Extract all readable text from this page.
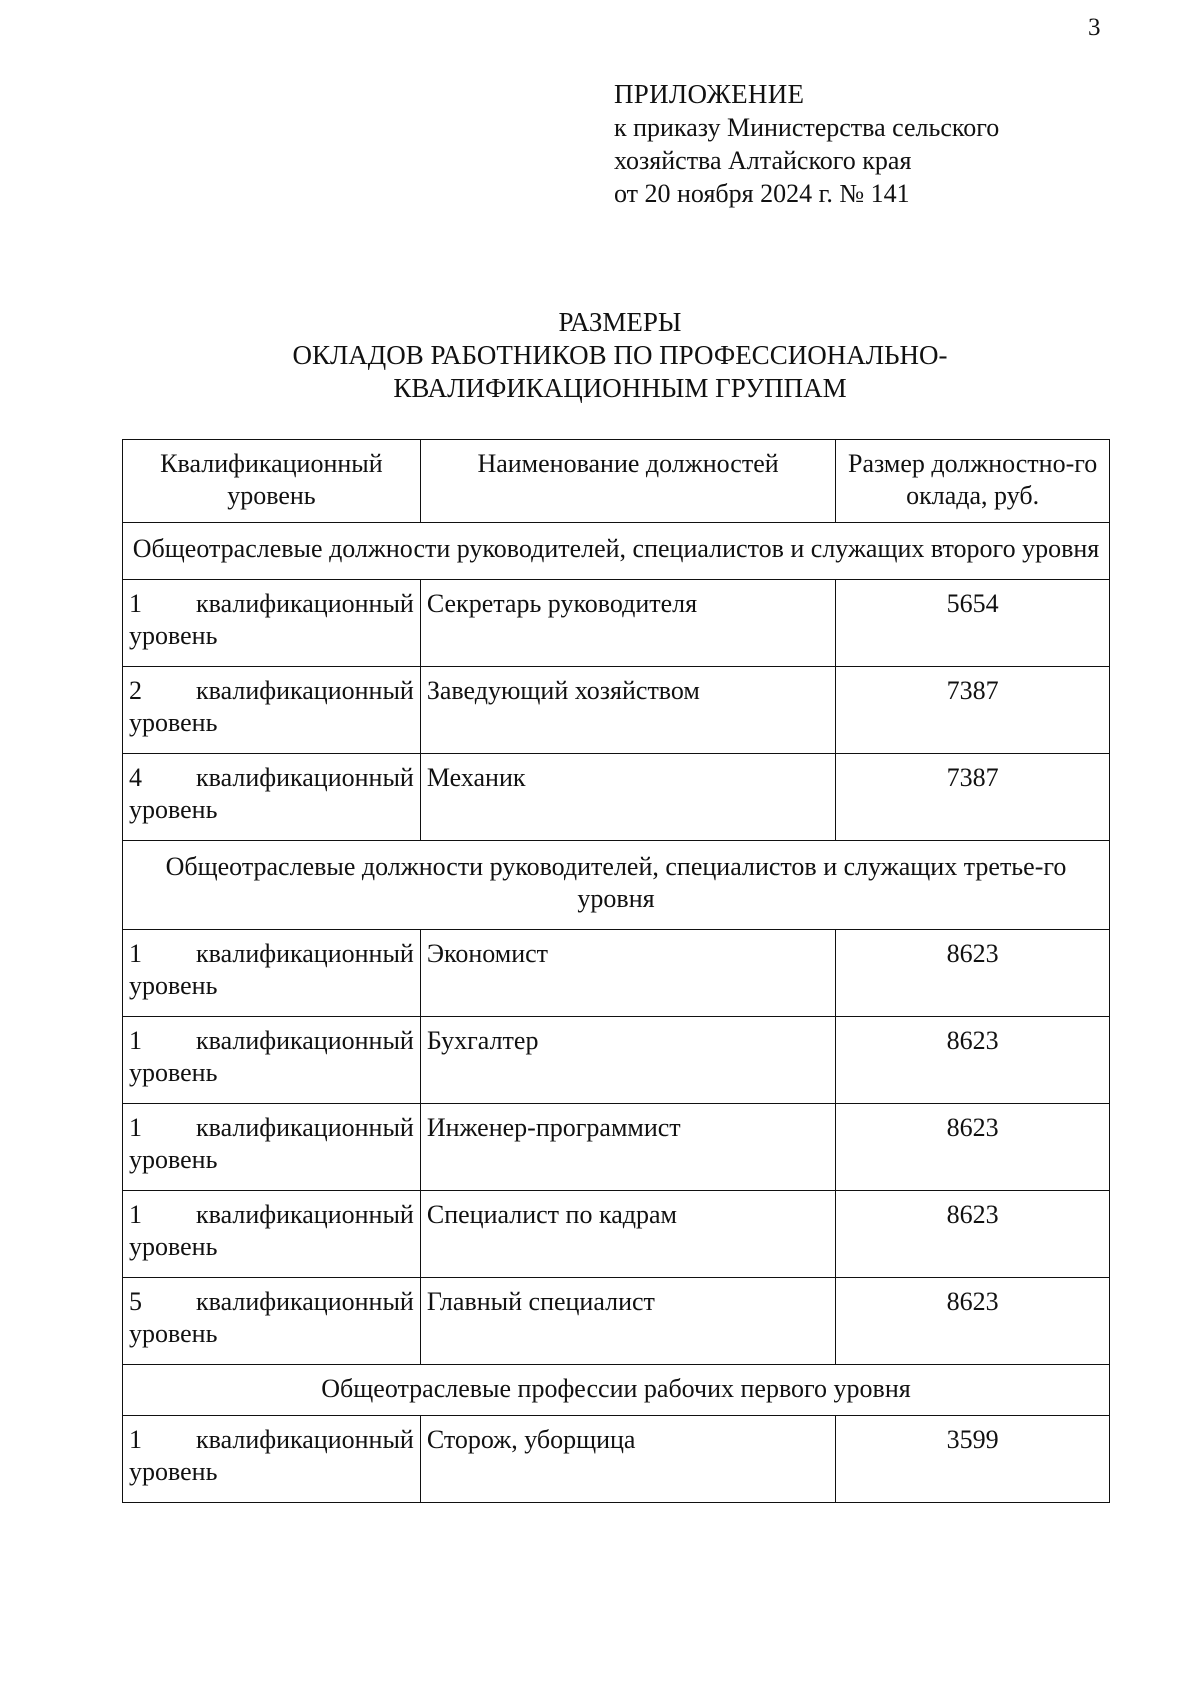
3
ПРИЛОЖЕНИЕ
к приказу Министерства сельского
хозяйства Алтайского края
от 20 ноября 2024 г. № 141
РАЗМЕРЫ
ОКЛАДОВ РАБОТНИКОВ ПО ПРОФЕССИОНАЛЬНО-
КВАЛИФИКАЦИОННЫМ ГРУППАМ
Квалификационный уровень	Наименование должностей	Размер должностно-го оклада, руб.
Общеотраслевые должности руководителей, специалистов и служащих второго уровня		

1 квалификационный
уровень	Секретарь руководителя	5654

2 квалификационный
уровень	Заведующий хозяйством	7387

4 квалификационный
уровень	Механик	7387
Общеотраслевые должности руководителей, специалистов и служащих третье-го уровня		

1 квалификационный
уровень	Экономист	8623

1 квалификационный
уровень	Бухгалтер	8623

1 квалификационный
уровень	Инженер-программист	8623

1 квалификационный
уровень	Специалист по кадрам	8623

5 квалификационный
уровень	Главный специалист	8623
Общеотраслевые профессии рабочих первого уровня		

1 квалификационный
уровень	Сторож, уборщица	3599
